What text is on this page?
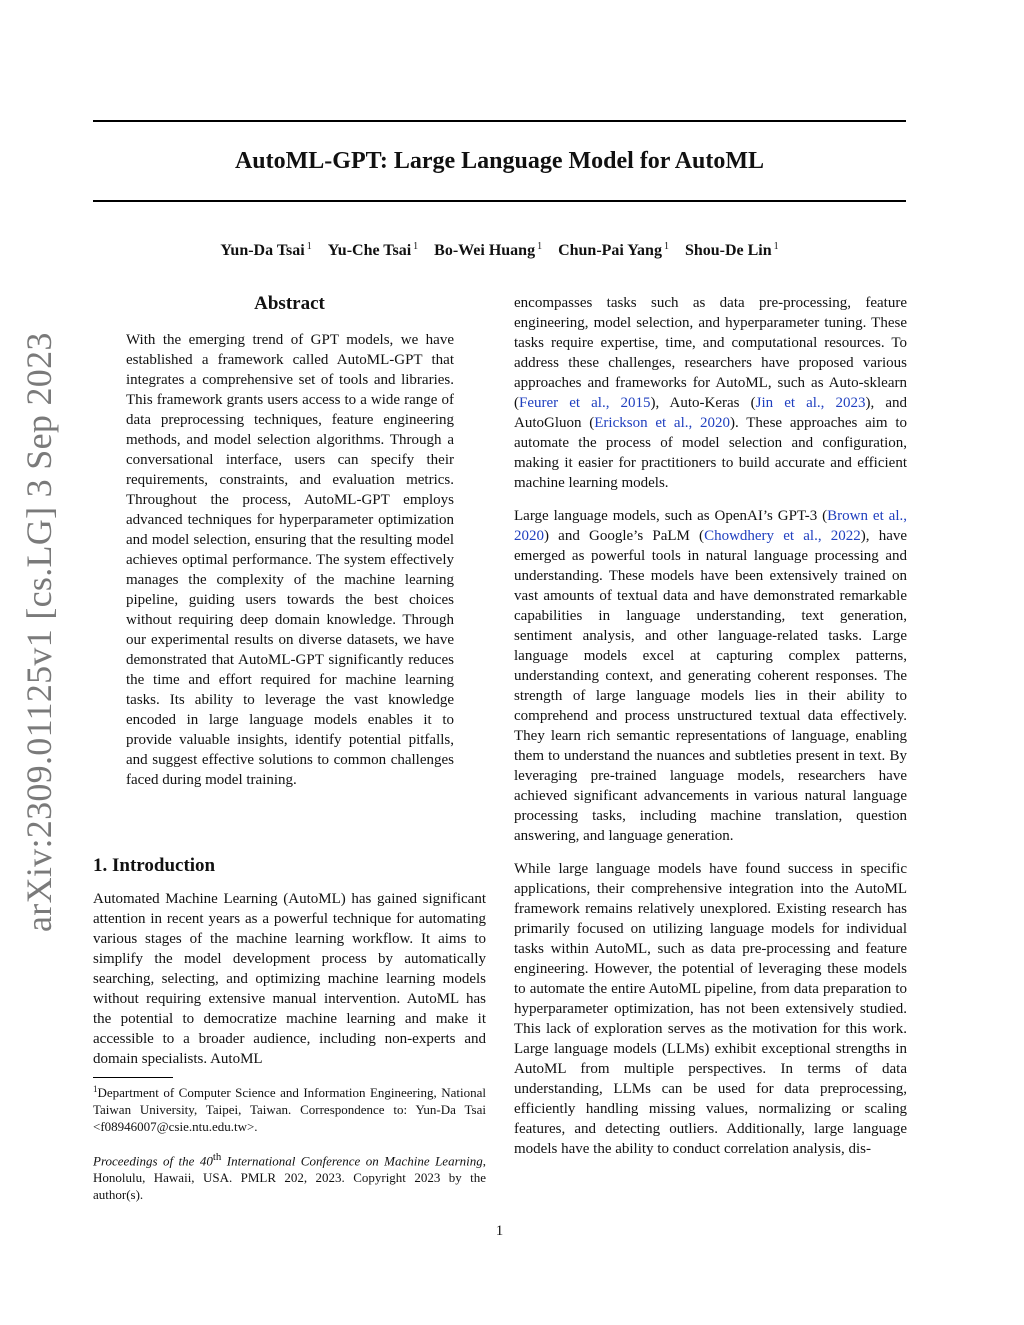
arXiv:2309.01125v1 [cs.LG] 3 Sep 2023
AutoML-GPT: Large Language Model for AutoML
Yun-Da Tsai $^1$ Yu-Che Tsai $^1$ Bo-Wei Huang $^1$ Chun-Pai Yang $^1$ Shou-De Lin $^1$
Abstract

With the emerging trend of GPT models, we have established a framework called AutoML-GPT that integrates a comprehensive set of tools and libraries. This framework grants users access to a wide range of data preprocessing techniques, feature engineering methods, and model selection algorithms. Through a conversational interface, users can specify their requirements, constraints, and evaluation metrics. Throughout the process, AutoML-GPT employs advanced techniques for hyperparameter optimization and model selection, ensuring that the resulting model achieves optimal performance. The system effectively manages the complexity of the machine learning pipeline, guiding users towards the best choices without requiring deep domain knowledge. Through our experimental results on diverse datasets, we have demonstrated that AutoML-GPT significantly reduces the time and effort required for machine learning tasks. Its ability to leverage the vast knowledge encoded in large language models enables it to provide valuable insights, identify potential pitfalls, and suggest effective solutions to common challenges faced during model training.

1. Introduction

Automated Machine Learning (AutoML) has gained significant attention in recent years as a powerful technique for automating various stages of the machine learning workflow. It aims to simplify the model development process by automatically searching, selecting, and optimizing machine learning models without requiring extensive manual intervention. AutoML has the potential to democratize machine learning and make it accessible to a broader audience, including non-experts and domain specialists. AutoML

$^1$Department of Computer Science and Information Engineering, National Taiwan University, Taipei, Taiwan. Correspondence to: Yun-Da Tsai <f08946007@csie.ntu.edu.tw>.

Proceedings of the 40th International Conference on Machine Learning, Honolulu, Hawaii, USA. PMLR 202, 2023. Copyright 2023 by the author(s).

encompasses tasks such as data pre-processing, feature engineering, model selection, and hyperparameter tuning. These tasks require expertise, time, and computational resources. To address these challenges, researchers have proposed various approaches and frameworks for AutoML, such as Auto-sklearn (Feurer et al., 2015), Auto-Keras (Jin et al., 2023), and AutoGluon (Erickson et al., 2020). These approaches aim to automate the process of model selection and configuration, making it easier for practitioners to build accurate and efficient machine learning models.

Large language models, such as OpenAI’s GPT-3 (Brown et al., 2020) and Google’s PaLM (Chowdhery et al., 2022), have emerged as powerful tools in natural language processing and understanding. These models have been extensively trained on vast amounts of textual data and have demonstrated remarkable capabilities in language understanding, text generation, sentiment analysis, and other language-related tasks. Large language models excel at capturing complex patterns, understanding context, and generating coherent responses. The strength of large language models lies in their ability to comprehend and process unstructured textual data effectively. They learn rich semantic representations of language, enabling them to understand the nuances and subtleties present in text. By leveraging pre-trained language models, researchers have achieved significant advancements in various natural language processing tasks, including machine translation, question answering, and language generation.

While large language models have found success in specific applications, their comprehensive integration into the AutoML framework remains relatively unexplored. Existing research has primarily focused on utilizing language models for individual tasks within AutoML, such as data pre-processing and feature engineering. However, the potential of leveraging these models to automate the entire AutoML pipeline, from data preparation to hyperparameter optimization, has not been extensively studied. This lack of exploration serves as the motivation for this work. Large language models (LLMs) exhibit exceptional strengths in AutoML from multiple perspectives. In terms of data understanding, LLMs can be used for data preprocessing, efficiently handling missing values, normalizing or scaling features, and detecting outliers. Additionally, large language models have the ability to conduct correlation analysis, dis-

1
